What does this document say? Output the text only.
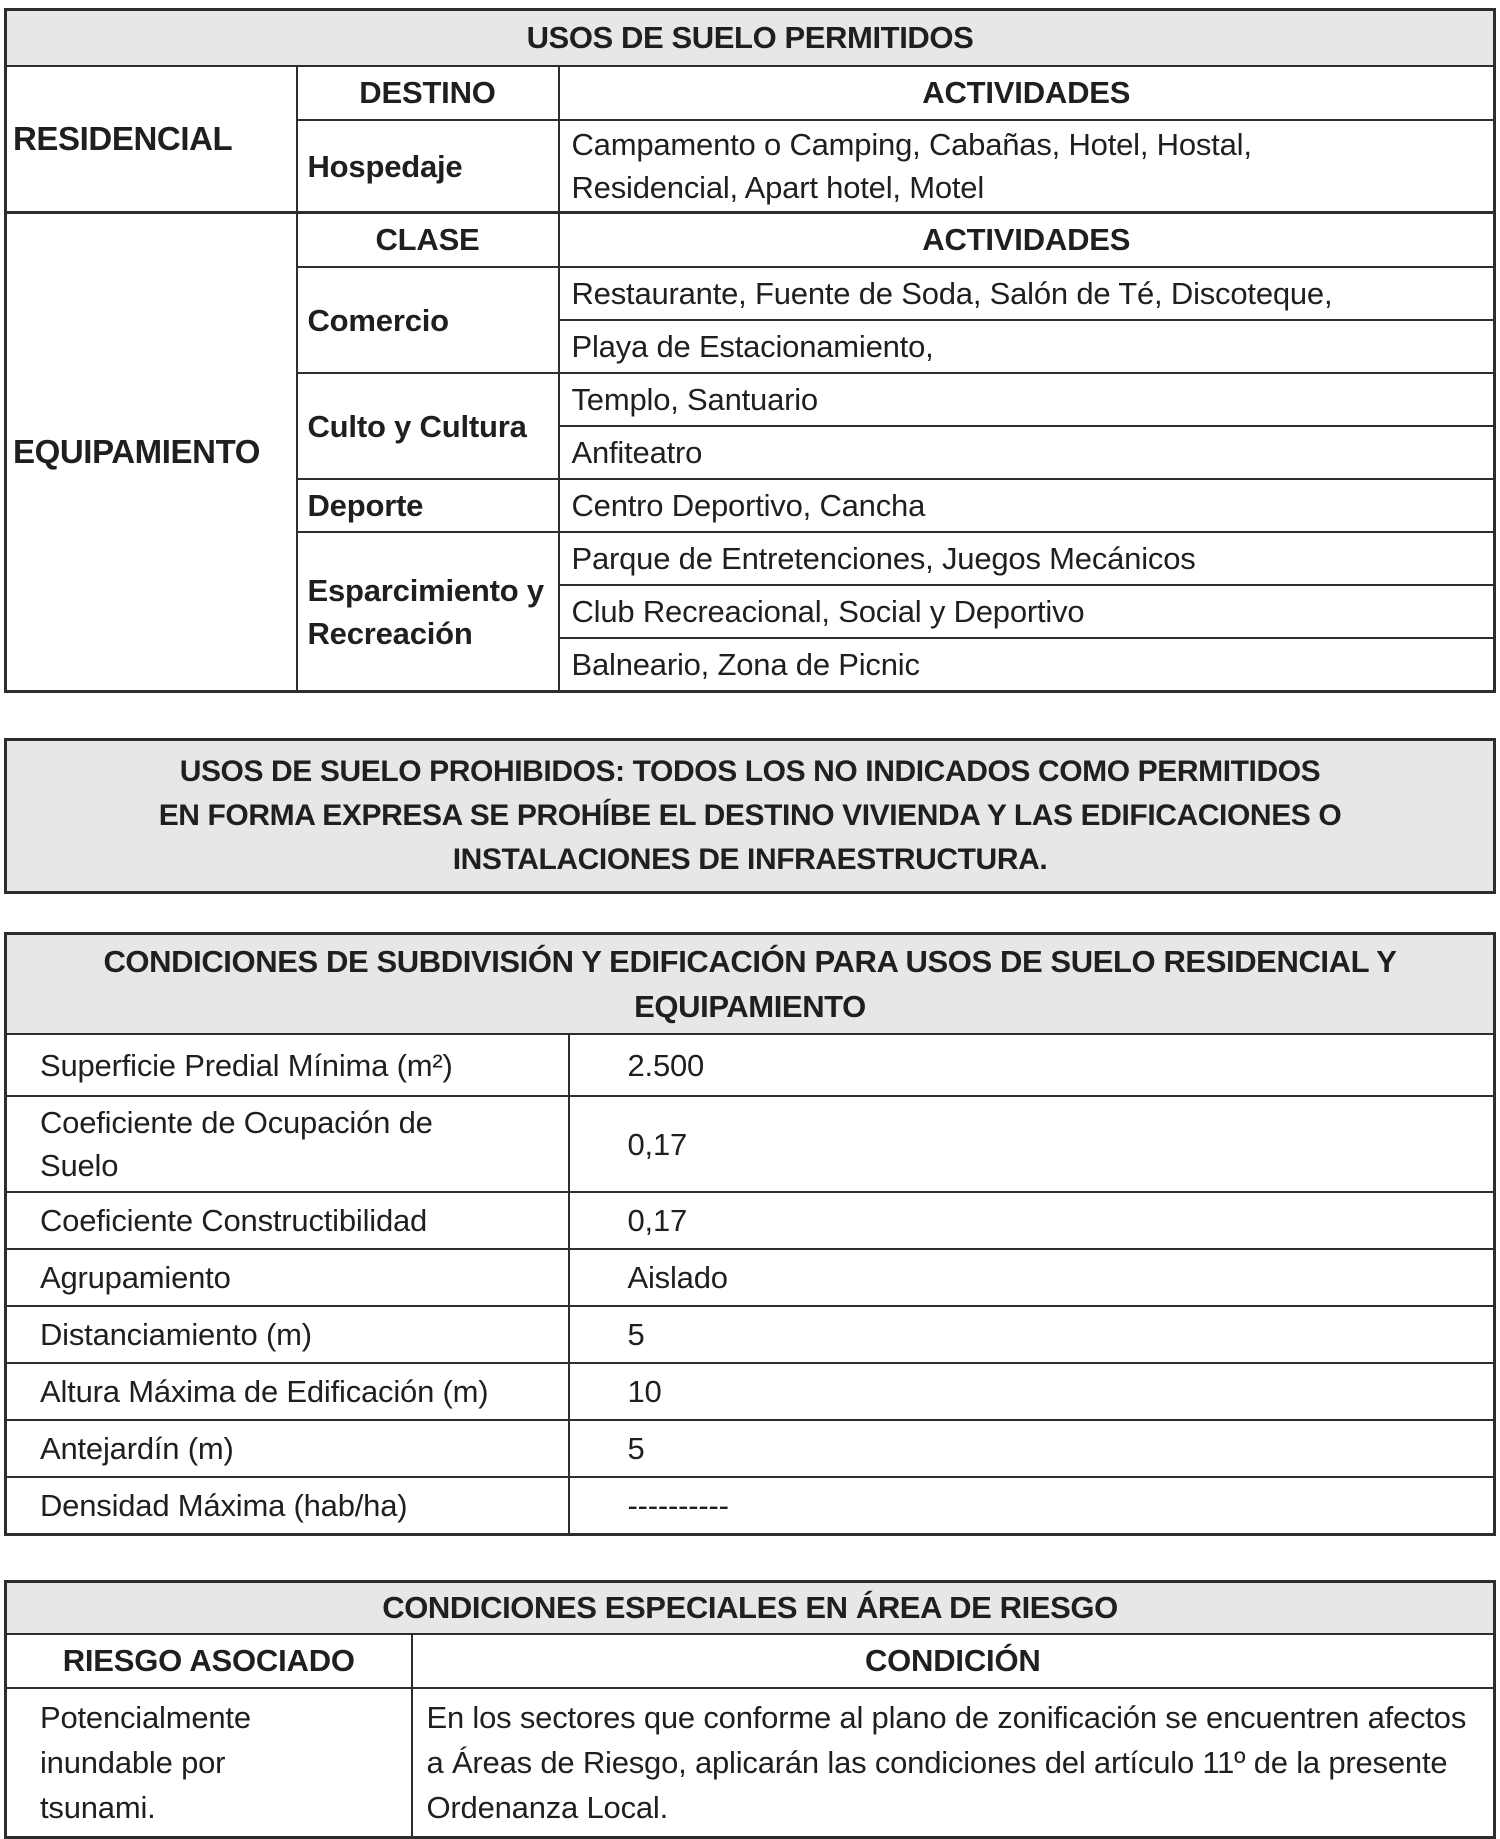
USOS DE SUELO PERMITIDOS		
RESIDENCIAL	DESTINO	ACTIVIDADES
	Hospedaje	Campamento o Camping, Cabañas, Hotel, Hostal, Residencial, Apart hotel, Motel
EQUIPAMIENTO	CLASE	ACTIVIDADES
	Comercio	Restaurante, Fuente de Soda, Salón de Té, Discoteque,
		Playa de Estacionamiento,
	Culto y Cultura	Templo, Santuario
		Anfiteatro
	Deporte	Centro Deportivo, Cancha
	Esparcimiento y Recreación	Parque de Entretenciones, Juegos Mecánicos
		Club Recreacional, Social y Deportivo
		Balneario, Zona de Picnic
USOS DE SUELO PROHIBIDOS: TODOS LOS NO INDICADOS COMO PERMITIDOS
EN FORMA EXPRESA SE PROHÍBE EL DESTINO VIVIENDA Y LAS EDIFICACIONES O
INSTALACIONES DE INFRAESTRUCTURA.
CONDICIONES DE SUBDIVISIÓN Y EDIFICACIÓN PARA USOS DE SUELO RESIDENCIAL Y
EQUIPAMIENTO	

Superficie Predial Mínima (m²)	2.500
Coeficiente de Ocupación de Suelo	0,17
Coeficiente Constructibilidad	0,17
Agrupamiento	Aislado
Distanciamiento (m)	5
Altura Máxima de Edificación (m)	10
Antejardín (m)	5
Densidad Máxima (hab/ha)	----------
CONDICIONES ESPECIALES EN ÁREA DE RIESGO	
RIESGO ASOCIADO	CONDICIÓN
Potencialmente inundable por tsunami.	En los sectores que conforme al plano de zonificación se encuentren afectos a Áreas de Riesgo, aplicarán las condiciones del artículo 11º de la presente Ordenanza Local.
